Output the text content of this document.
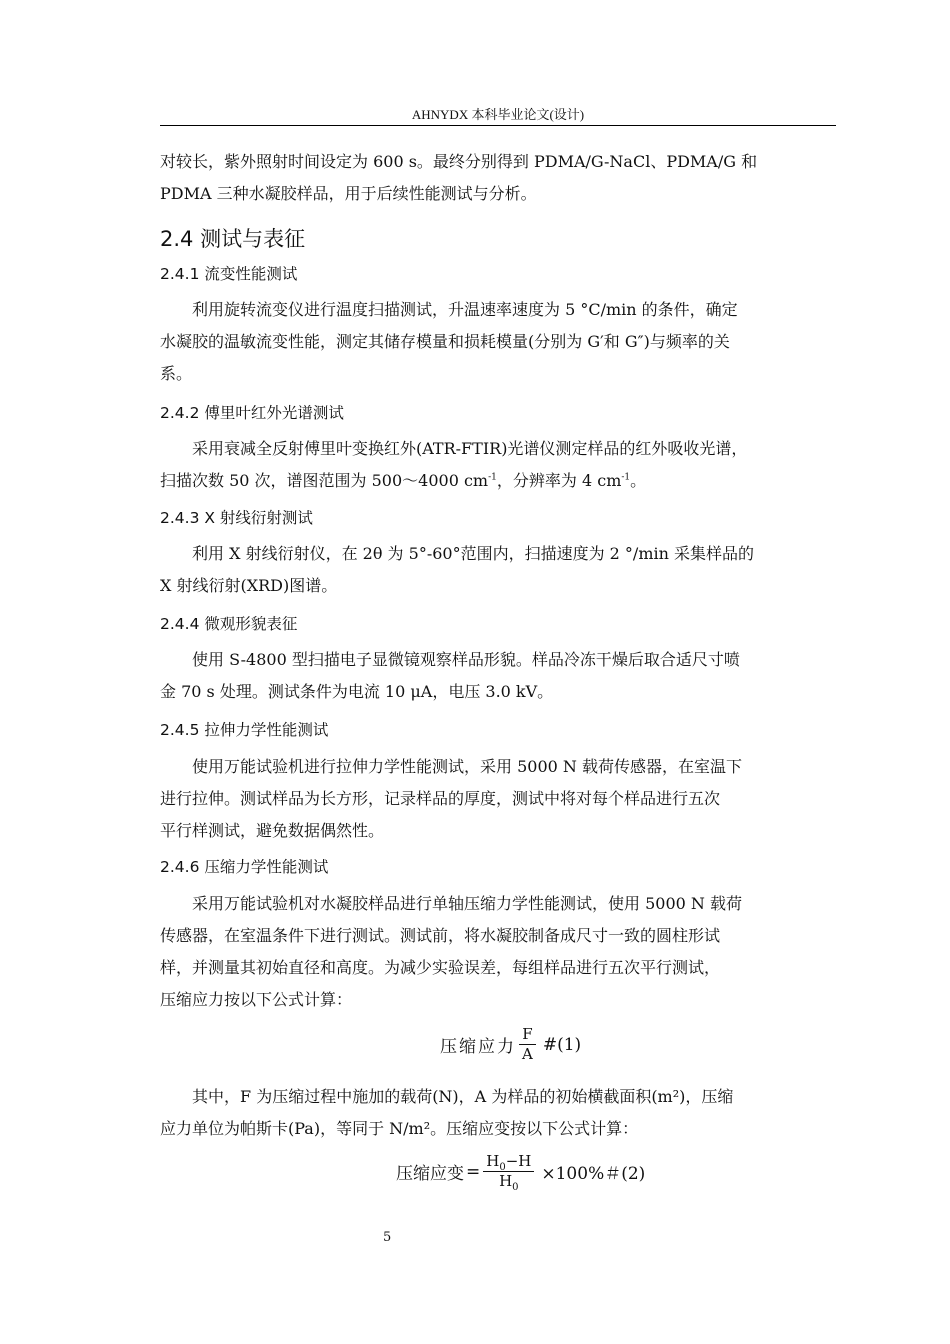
AHNYDX 本科毕业论文(设计)

对较长，紫外照射时间设定为 600 s。最终分别得到 PDMA/G-NaCl、PDMA/G 和
PDMA 三种水凝胶样品，用于后续性能测试与分析。

2.4 测试与表征
2.4.1 流变性能测试

利用旋转流变仪进行温度扫描测试，升温速率速度为 5 °C/min 的条件，确定
水凝胶的温敏流变性能，测定其储存模量和损耗模量(分别为 G′和 G″)与频率的关
系。

2.4.2 傅里叶红外光谱测试

采用衰减全反射傅里叶变换红外(ATR-FTIR)光谱仪测定样品的红外吸收光谱，
扫描次数 50 次，谱图范围为 500～4000 $cm^{-1}$，分辨率为 4 $cm^{-1}$。

2.4.3 X 射线衍射测试

利用 X 射线衍射仪，在 2θ 为 5°-60°范围内，扫描速度为 2 °/min 采集样品的
X 射线衍射(XRD)图谱。

2.4.4 微观形貌表征

使用 S-4800 型扫描电子显微镜观察样品形貌。样品冷冻干燥后取合适尺寸喷
金 70 s 处理。测试条件为电流 10 μA，电压 3.0 kV。

2.4.5 拉伸力学性能测试

使用万能试验机进行拉伸力学性能测试，采用 5000 N 载荷传感器，在室温下
进行拉伸。测试样品为长方形，记录样品的厚度，测试中将对每个样品进行五次
平行样测试，避免数据偶然性。

2.4.6 压缩力学性能测试

采用万能试验机对水凝胶样品进行单轴压缩力学性能测试，使用 5000 N 载荷
传感器，在室温条件下进行测试。测试前，将水凝胶制备成尺寸一致的圆柱形试
样，并测量其初始直径和高度。为减少实验误差，每组样品进行五次平行测试，
压缩应力按以下公式计算：

压缩应力 $\frac{F}{A}$ #(1)

其中，F 为压缩过程中施加的载荷(N)，A 为样品的初始横截面积(m²)，压缩
应力单位为帕斯卡(Pa)，等同于 N/m²。压缩应变按以下公式计算：

压缩应变 = $\frac{H_0-H}{H_0} \times 100\%$＃(2)
5
